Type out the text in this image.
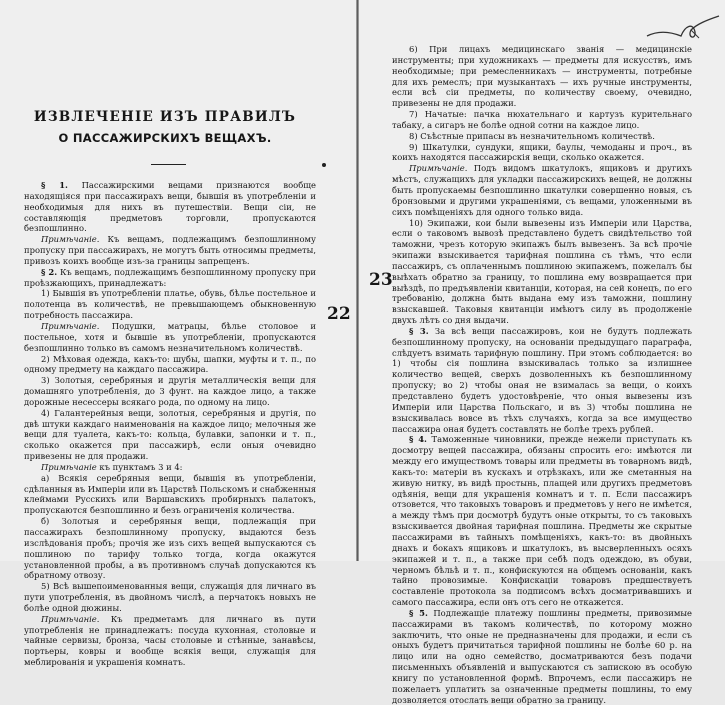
ИЗВЛЕЧЕНІЕ ИЗЪ ПРАВИЛЪ
О ПАССАЖИРСКИХЪ ВЕЩАХЪ.

§ 1. Пассажирскими вещами признаются вообще находящіяся при пассажирахъ вещи, бывшія въ употребленіи и необходимыя для нихъ въ путешествіи. Вещи сіи, не составляющія предметовъ торговли, пропускаются безпошлинно.

Примѣчаніе. Къ вещамъ, подлежащимъ безпошлинному пропуску при пассажирахъ, не могутъ быть относимы предметы, привозъ коихъ вообще изъ-за границы запрещенъ.

§ 2. Къ вещамъ, подлежащимъ безпошлинному пропуску при проѣзжающихъ, принадлежатъ:

1) Бывшія въ употребленіи платье, обувь, бѣлье постельное и полотенца въ количествѣ, не превышающемъ обыкновенную потребность пассажира.

Примѣчаніе. Подушки, матрацы, бѣлье столовое и постельное, хотя и бывшіе въ употребленіи, пропускаются безпошлинно только въ самомъ незначительномъ количествѣ.

2) Мѣховая одежда, какъ-то: шубы, шапки, муфты и т. п., по одному предмету на каждаго пассажира.

3) Золотыя, серебряныя и другія металлическія вещи для домашняго употребленія, до 3 фунт. на каждое лицо, а также дорожные несессеры всякаго рода, по одному на лицо.

4) Галантерейныя вещи, золотыя, серебряныя и другія, по двѣ штуки каждаго наименованія на каждое лицо; мелочныя же вещи для туалета, какъ-то: кольца, булавки, запонки и т. п., сколько окажется при пассажирѣ, если оныя очевидно привезены не для продажи.

Примѣчаніе къ пунктамъ 3 и 4:

а) Всякія серебряныя вещи, бывшія въ употребленіи, сдѣланныя въ Имперіи или въ Царствѣ Польскомъ и снабженныя клеймами Русскихъ или Варшавскихъ пробирныхъ палатокъ, пропускаются безпошлинно и безъ ограниченія количества.

б) Золотыя и серебряныя вещи, подлежащія при пассажирахъ безпошлинному пропуску, выдаются безъ изслѣдованія пробъ; прочія же изъ сихъ вещей выпускаются съ пошлиною по тарифу только тогда, когда окажутся установленной пробы, а въ противномъ случаѣ допускаются къ обратному отвозу.

5) Всѣ вышепоименованныя вещи, служащія для личнаго въ пути употребленія, въ двойномъ числѣ, а перчатокъ новыхъ не болѣе одной дюжины.

Примѣчаніе. Къ предметамъ для личнаго въ пути употребленія не принадлежатъ: посуда кухонная, столовые и чайные сервизы, бронза, часы столовые и стѣнные, занавѣсы, портьеры, ковры и вообще всякія вещи, служащія для меблированія и украшенія комнатъ.

22

6) При лицахъ медицинскаго званія — медицинскіе инструменты; при художникахъ — предметы для искусствъ, имъ необходимые; при ремесленникахъ — инструменты, потребные для ихъ ремеслъ; при музыкантахъ — ихъ ручные инструменты, если всѣ сіи предметы, по количеству своему, очевидно, привезены не для продажи.

7) Начатые: пачка нюхательнаго и картузъ курительнаго табаку, а сигаръ не болѣе одной сотни на каждое лицо.

8) Съѣстные припасы въ незначительномъ количествѣ.

9) Шкатулки, сундуки, ящики, баулы, чемоданы и проч., въ коихъ находятся пассажирскія вещи, сколько окажется.

Примѣчаніе. Подъ видомъ шкатулокъ, ящиковъ и другихъ мѣстъ, служащихъ для укладки пассажирскихъ вещей, не должны быть пропускаемы безпошлинно шкатулки совершенно новыя, съ бронзовыми и другими украшеніями, съ вещами, уложенными въ сихъ помѣщеніяхъ для одного только вида.

10) Экипажи, кои были вывезены изъ Имперіи или Царства, если о таковомъ вывозѣ представлено будетъ свидѣтельство той таможни, чрезъ которую экипажъ былъ вывезенъ. За всѣ прочіе экипажи взыскивается тарифная пошлина съ тѣмъ, что если пассажиръ, съ оплаченнымъ пошлиною экипажемъ, пожелалъ бы выѣхать обратно за границу, то пошлина ему возвращается при выѣздѣ, по предъявленіи квитанціи, которая, на сей конецъ, по его требованію, должна быть выдана ему изъ таможни, пошлину взыскавшей. Таковыя квитанціи имѣютъ силу въ продолженіе двухъ лѣтъ со дня выдачи.

§ 3. За всѣ вещи пассажировъ, кои не будутъ подлежать безпошлинному пропуску, на основаніи предыдущаго параграфа, слѣдуетъ взимать тарифную пошлину. При этомъ соблюдается: во 1) чтобы сія пошлина взыскивалась только за излишнее количество вещей, сверхъ дозволенныхъ къ безпошлинному пропуску; во 2) чтобы оная не взималась за вещи, о коихъ представлено будетъ удостовѣреніе, что оныя вывезены изъ Имперіи или Царства Польскаго, и въ 3) чтобы пошлина не взыскивалась вовсе въ тѣхъ случаяхъ, когда за все имущество пассажира оная будетъ составлять не болѣе трехъ рублей.

§ 4. Таможенные чиновники, прежде нежели приступать къ досмотру вещей пассажира, обязаны спросить его: имѣются ли между его имуществомъ товары или предметы въ товарномъ видѣ, какъ-то: матеріи въ кускахъ и отрѣзкахъ, или же сметанныя на живую нитку, въ видѣ простынь, плащей или другихъ предметовъ одѣянія, вещи для украшенія комнатъ и т. п. Если пассажиръ отзовется, что таковыхъ товаровъ и предметовъ у него не имѣется, а между тѣмъ при досмотрѣ будутъ оные открыты, то съ таковыхъ взыскивается двойная тарифная пошлина. Предметы же скрытые пассажирами въ тайныхъ помѣщеніяхъ, какъ-то: въ двойныхъ днахъ и бокахъ ящиковъ и шкатулокъ, въ высверленныхъ осяхъ экипажей и т. п., а также при себѣ подъ одеждою, въ обуви, черномъ бѣльѣ и т. п., конфискуются на общемъ основаніи, какъ тайно провозимые. Конфискаціи товаровъ предшествуетъ составленіе протокола за подписомъ всѣхъ досматривавшихъ и самого пассажира, если онъ отъ сего не откажется.

§ 5. Подлежащіе платежу пошлины предметы, привозимые пассажирами въ такомъ количествѣ, по которому можно заключить, что оные не предназначены для продажи, и если съ оныхъ будетъ причитаться тарифной пошлины не болѣе 60 р. на лицо или на одно семейство, досматриваются безъ подачи письменныхъ объявленій и выпускаются съ запискою въ особую книгу по установленной формѣ. Впрочемъ, если пассажиръ не пожелаетъ уплатить за означенные предметы пошлины, то ему дозволяется отослать вещи обратно за границу.

23
